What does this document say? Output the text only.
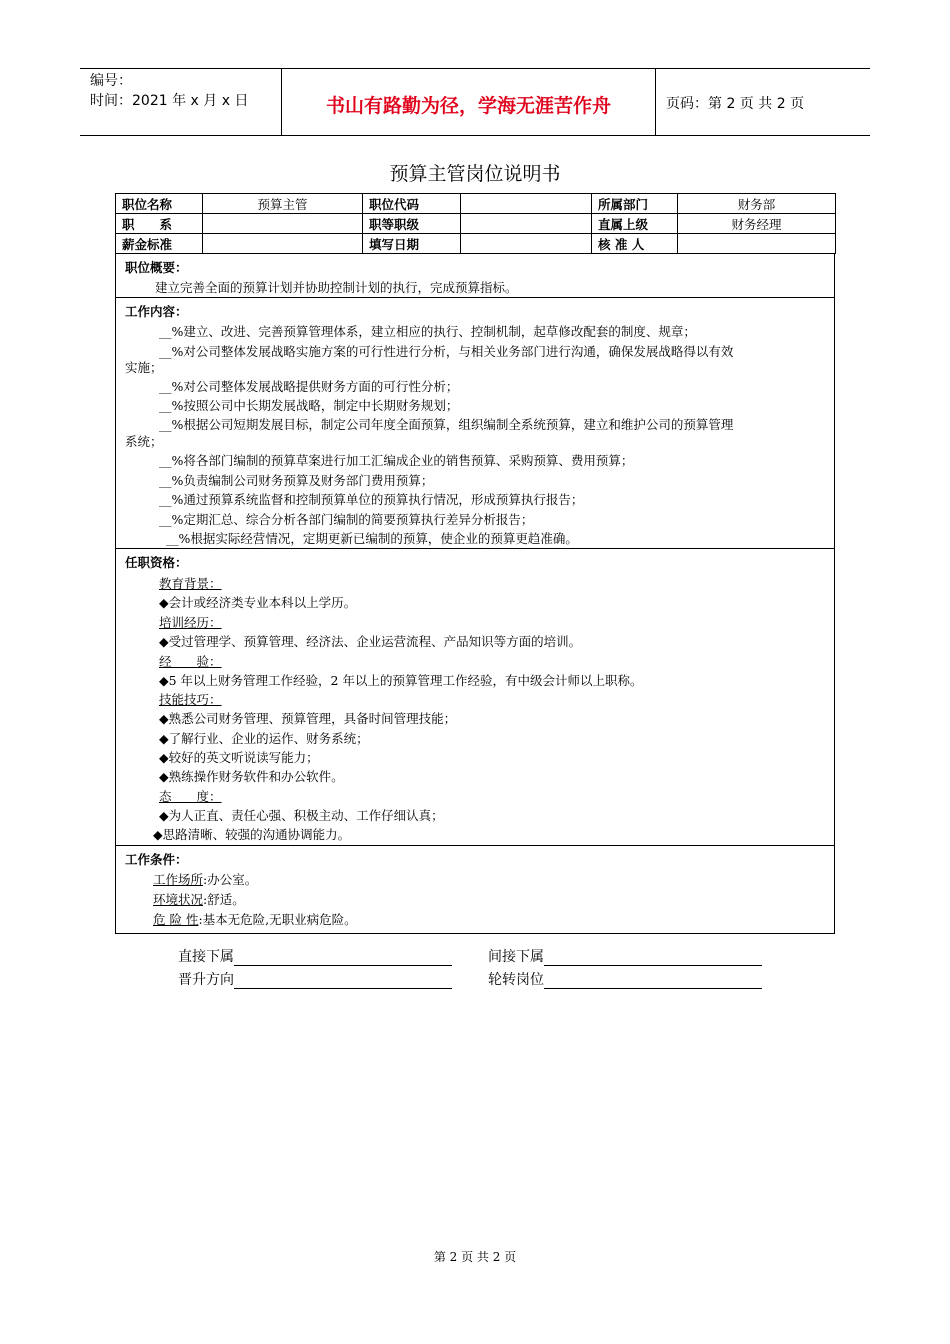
编号：
时间：2021 年 x 月 x 日	书山有路勤为径，学海无涯苦作舟	页码：第 2 页 共 2 页
预算主管岗位说明书
职位名称	预算主管	职位代码		所属部门	财务部
职　　系		职等职级		直属上级	财务经理
薪金标准		填写日期		核 准 人	
职位概要：
建立完善全面的预算计划并协助控制计划的执行，完成预算指标。
工作内容：
__%建立、改进、完善预算管理体系，建立相应的执行、控制机制，起草修改配套的制度、规章；
__%对公司整体发展战略实施方案的可行性进行分析，与相关业务部门进行沟通，确保发展战略得以有效
实施；
__%对公司整体发展战略提供财务方面的可行性分析；
__%按照公司中长期发展战略，制定中长期财务规划；
__%根据公司短期发展目标，制定公司年度全面预算，组织编制全系统预算，建立和维护公司的预算管理
系统；
__%将各部门编制的预算草案进行加工汇编成企业的销售预算、采购预算、费用预算；
__%负责编制公司财务预算及财务部门费用预算；
__%通过预算系统监督和控制预算单位的预算执行情况，形成预算执行报告；
__%定期汇总、综合分析各部门编制的简要预算执行差异分析报告；
__%根据实际经营情况，定期更新已编制的预算，使企业的预算更趋准确。
任职资格：
教育背景：
◆会计或经济类专业本科以上学历。
培训经历：
◆受过管理学、预算管理、经济法、企业运营流程、产品知识等方面的培训。
经　　验：
◆5 年以上财务管理工作经验，2 年以上的预算管理工作经验，有中级会计师以上职称。
技能技巧：
◆熟悉公司财务管理、预算管理，具备时间管理技能；
◆了解行业、企业的运作、财务系统；
◆较好的英文听说读写能力；
◆熟练操作财务软件和办公软件。
态　　度：
◆为人正直、责任心强、积极主动、工作仔细认真；
◆思路清晰、较强的沟通协调能力。
工作条件：
工作场所:办公室。
环境状况:舒适。
危 险 性:基本无危险,无职业病危险。
直接下属	间接下属
晋升方向	轮转岗位
第 2 页 共 2 页
